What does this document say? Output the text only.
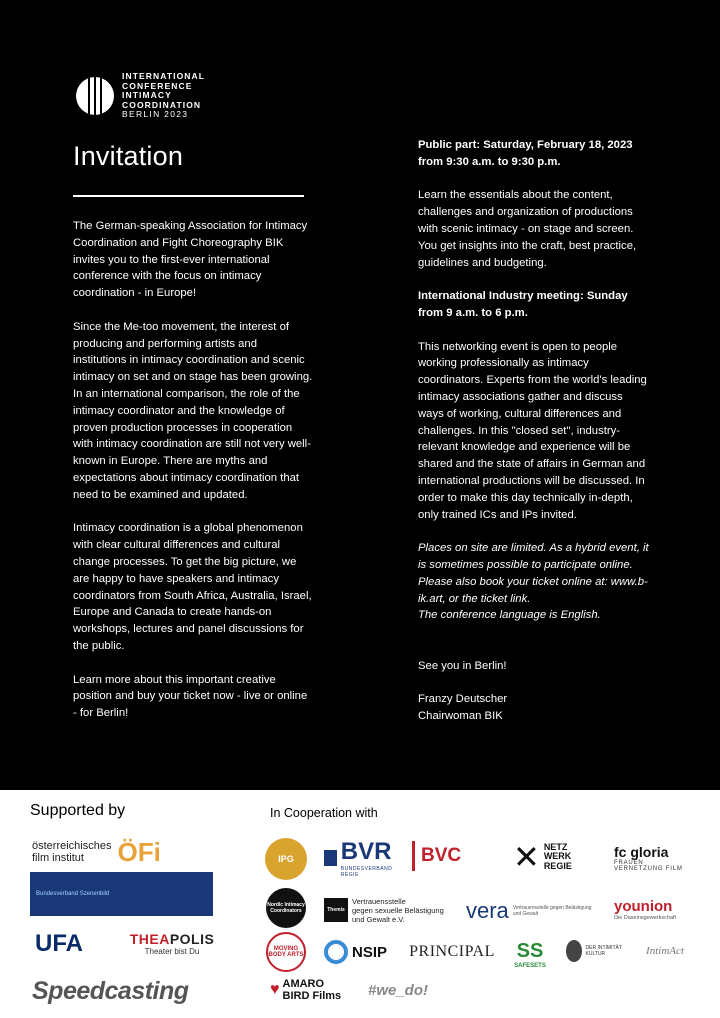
INTERNATIONAL
CONFERENCE
INTIMACY
COORDINATION
BERLIN 2023
Invitation

The German-speaking Association for Intimacy Coordination and Fight Choreography BIK invites you to the first-ever international conference with the focus on intimacy coordination - in Europe!

Since the Me-too movement, the interest of producing and performing artists and institutions in intimacy coordination and scenic intimacy on set and on stage has been growing. In an international comparison, the role of the intimacy coordinator and the knowledge of proven production processes in cooperation with intimacy coordination are still not very well-known in Europe. There are myths and expectations about intimacy coordination that need to be examined and updated.

Intimacy coordination is a global phenomenon with clear cultural differences and cultural change processes. To get the big picture, we are happy to have speakers and intimacy coordinators from South Africa, Australia, Israel, Europe and Canada to create hands-on workshops, lectures and panel discussions for the public.

Learn more about this important creative position and buy your ticket now - live or online - for Berlin!

Public part: Saturday, February 18, 2023 from 9:30 a.m. to 9:30 p.m.

Learn the essentials about the content, challenges and organization of productions with scenic intimacy - on stage and screen. You get insights into the craft, best practice, guidelines and budgeting.

International Industry meeting: Sunday from 9 a.m. to 6 p.m.

This networking event is open to people working professionally as intimacy coordinators. Experts from the world's leading intimacy associations gather and discuss ways of working, cultural differences and challenges. In this "closed set", industry-relevant knowledge and experience will be shared and the state of affairs in German and international productions will be discussed. In order to make this day technically in-depth, only trained ICs and IPs invited.

Places on site are limited. As a hybrid event, it is sometimes possible to participate online. Please also book your ticket online at: www.b-ik.art, or the ticket link.

The conference language is English.

See you in Berlin!

Franzy Deutscher

Chairwoman BIK

Supported by	In Cooperation with
österreichisches
film institut	ÖFi
Bundesverband Szenenbild
UFA	THEAPOLIS
Theater bist Du
Speedcasting
IPG	BVR
BUNDESVERBAND REGIE
BVC ✕ NETZ
WERK
REGIE
fc gloria
FRAUEN VERNETZUNG FILM
Nordic Intimacy Coordinators	Themis
Vertrauensstelle
gegen sexuelle Belästigung
und Gewalt e.V.	vera Vertrauensstelle gegen Belästigung und Gewalt	younion
Die Daseinsgewerkschaft
MOVING BODY ARTS	NSIP PRINCIPAL SS
SAFESETS
DER INTIMITÄT KULTUR	IntimAct
♥ AMARO BIRD Films	#we_do!
